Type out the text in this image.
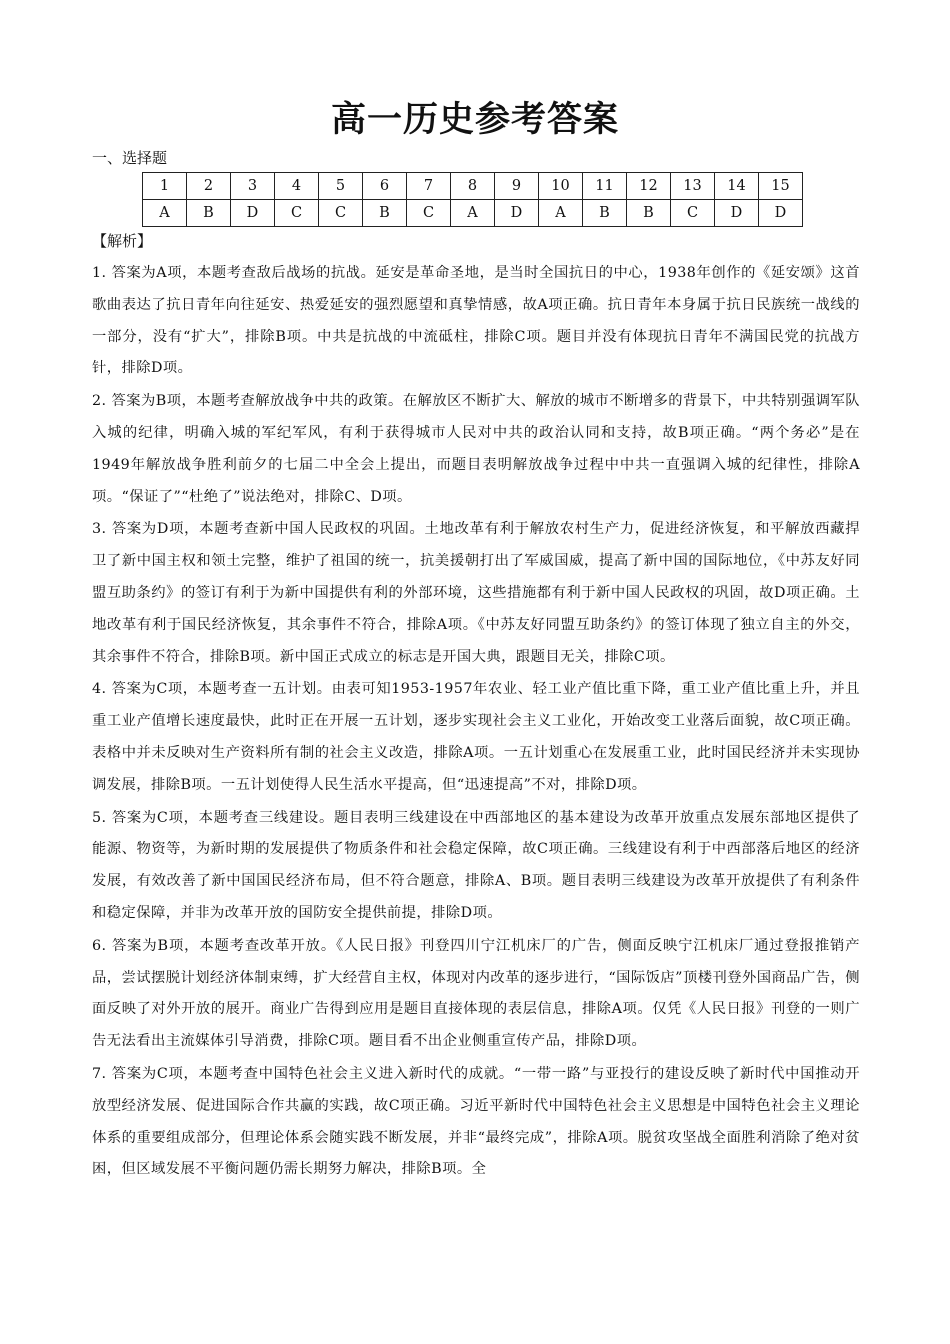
高一历史参考答案
一、选择题
1	2	3	4	5	6	7	8	9	10	11	12	13	14	15
A	B	D	C	C	B	C	A	D	A	B	B	C	D	D
【解析】

1. 答案为A项，本题考查敌后战场的抗战。延安是革命圣地，是当时全国抗日的中心，1938年创作的《延安颂》这首歌曲表达了抗日青年向往延安、热爱延安的强烈愿望和真挚情感，故A项正确。抗日青年本身属于抗日民族统一战线的一部分，没有“扩大”，排除B项。中共是抗战的中流砥柱，排除C项。题目并没有体现抗日青年不满国民党的抗战方针，排除D项。

2. 答案为B项，本题考查解放战争中共的政策。在解放区不断扩大、解放的城市不断增多的背景下，中共特别强调军队入城的纪律，明确入城的军纪军风，有利于获得城市人民对中共的政治认同和支持，故B项正确。“两个务必”是在1949年解放战争胜利前夕的七届二中全会上提出，而题目表明解放战争过程中中共一直强调入城的纪律性，排除A项。“保证了”“杜绝了”说法绝对，排除C、D项。

3. 答案为D项，本题考查新中国人民政权的巩固。土地改革有利于解放农村生产力，促进经济恢复，和平解放西藏捍卫了新中国主权和领土完整，维护了祖国的统一，抗美援朝打出了军威国威，提高了新中国的国际地位，《中苏友好同盟互助条约》的签订有利于为新中国提供有利的外部环境，这些措施都有利于新中国人民政权的巩固，故D项正确。土地改革有利于国民经济恢复，其余事件不符合，排除A项。《中苏友好同盟互助条约》的签订体现了独立自主的外交，其余事件不符合，排除B项。新中国正式成立的标志是开国大典，跟题目无关，排除C项。

4. 答案为C项，本题考查一五计划。由表可知1953-1957年农业、轻工业产值比重下降，重工业产值比重上升，并且重工业产值增长速度最快，此时正在开展一五计划，逐步实现社会主义工业化，开始改变工业落后面貌，故C项正确。表格中并未反映对生产资料所有制的社会主义改造，排除A项。一五计划重心在发展重工业，此时国民经济并未实现协调发展，排除B项。一五计划使得人民生活水平提高，但“迅速提高”不对，排除D项。

5. 答案为C项，本题考查三线建设。题目表明三线建设在中西部地区的基本建设为改革开放重点发展东部地区提供了能源、物资等，为新时期的发展提供了物质条件和社会稳定保障，故C项正确。三线建设有利于中西部落后地区的经济发展，有效改善了新中国国民经济布局，但不符合题意，排除A、B项。题目表明三线建设为改革开放提供了有利条件和稳定保障，并非为改革开放的国防安全提供前提，排除D项。

6. 答案为B项，本题考查改革开放。《人民日报》刊登四川宁江机床厂的广告，侧面反映宁江机床厂通过登报推销产品，尝试摆脱计划经济体制束缚，扩大经营自主权，体现对内改革的逐步进行，“国际饭店”顶楼刊登外国商品广告，侧面反映了对外开放的展开。商业广告得到应用是题目直接体现的表层信息，排除A项。仅凭《人民日报》刊登的一则广告无法看出主流媒体引导消费，排除C项。题目看不出企业侧重宣传产品，排除D项。

7. 答案为C项，本题考查中国特色社会主义进入新时代的成就。“一带一路”与亚投行的建设反映了新时代中国推动开放型经济发展、促进国际合作共赢的实践，故C项正确。习近平新时代中国特色社会主义思想是中国特色社会主义理论体系的重要组成部分，但理论体系会随实践不断发展，并非“最终完成”，排除A项。脱贫攻坚战全面胜利消除了绝对贫困，但区域发展不平衡问题仍需长期努力解决，排除B项。全
